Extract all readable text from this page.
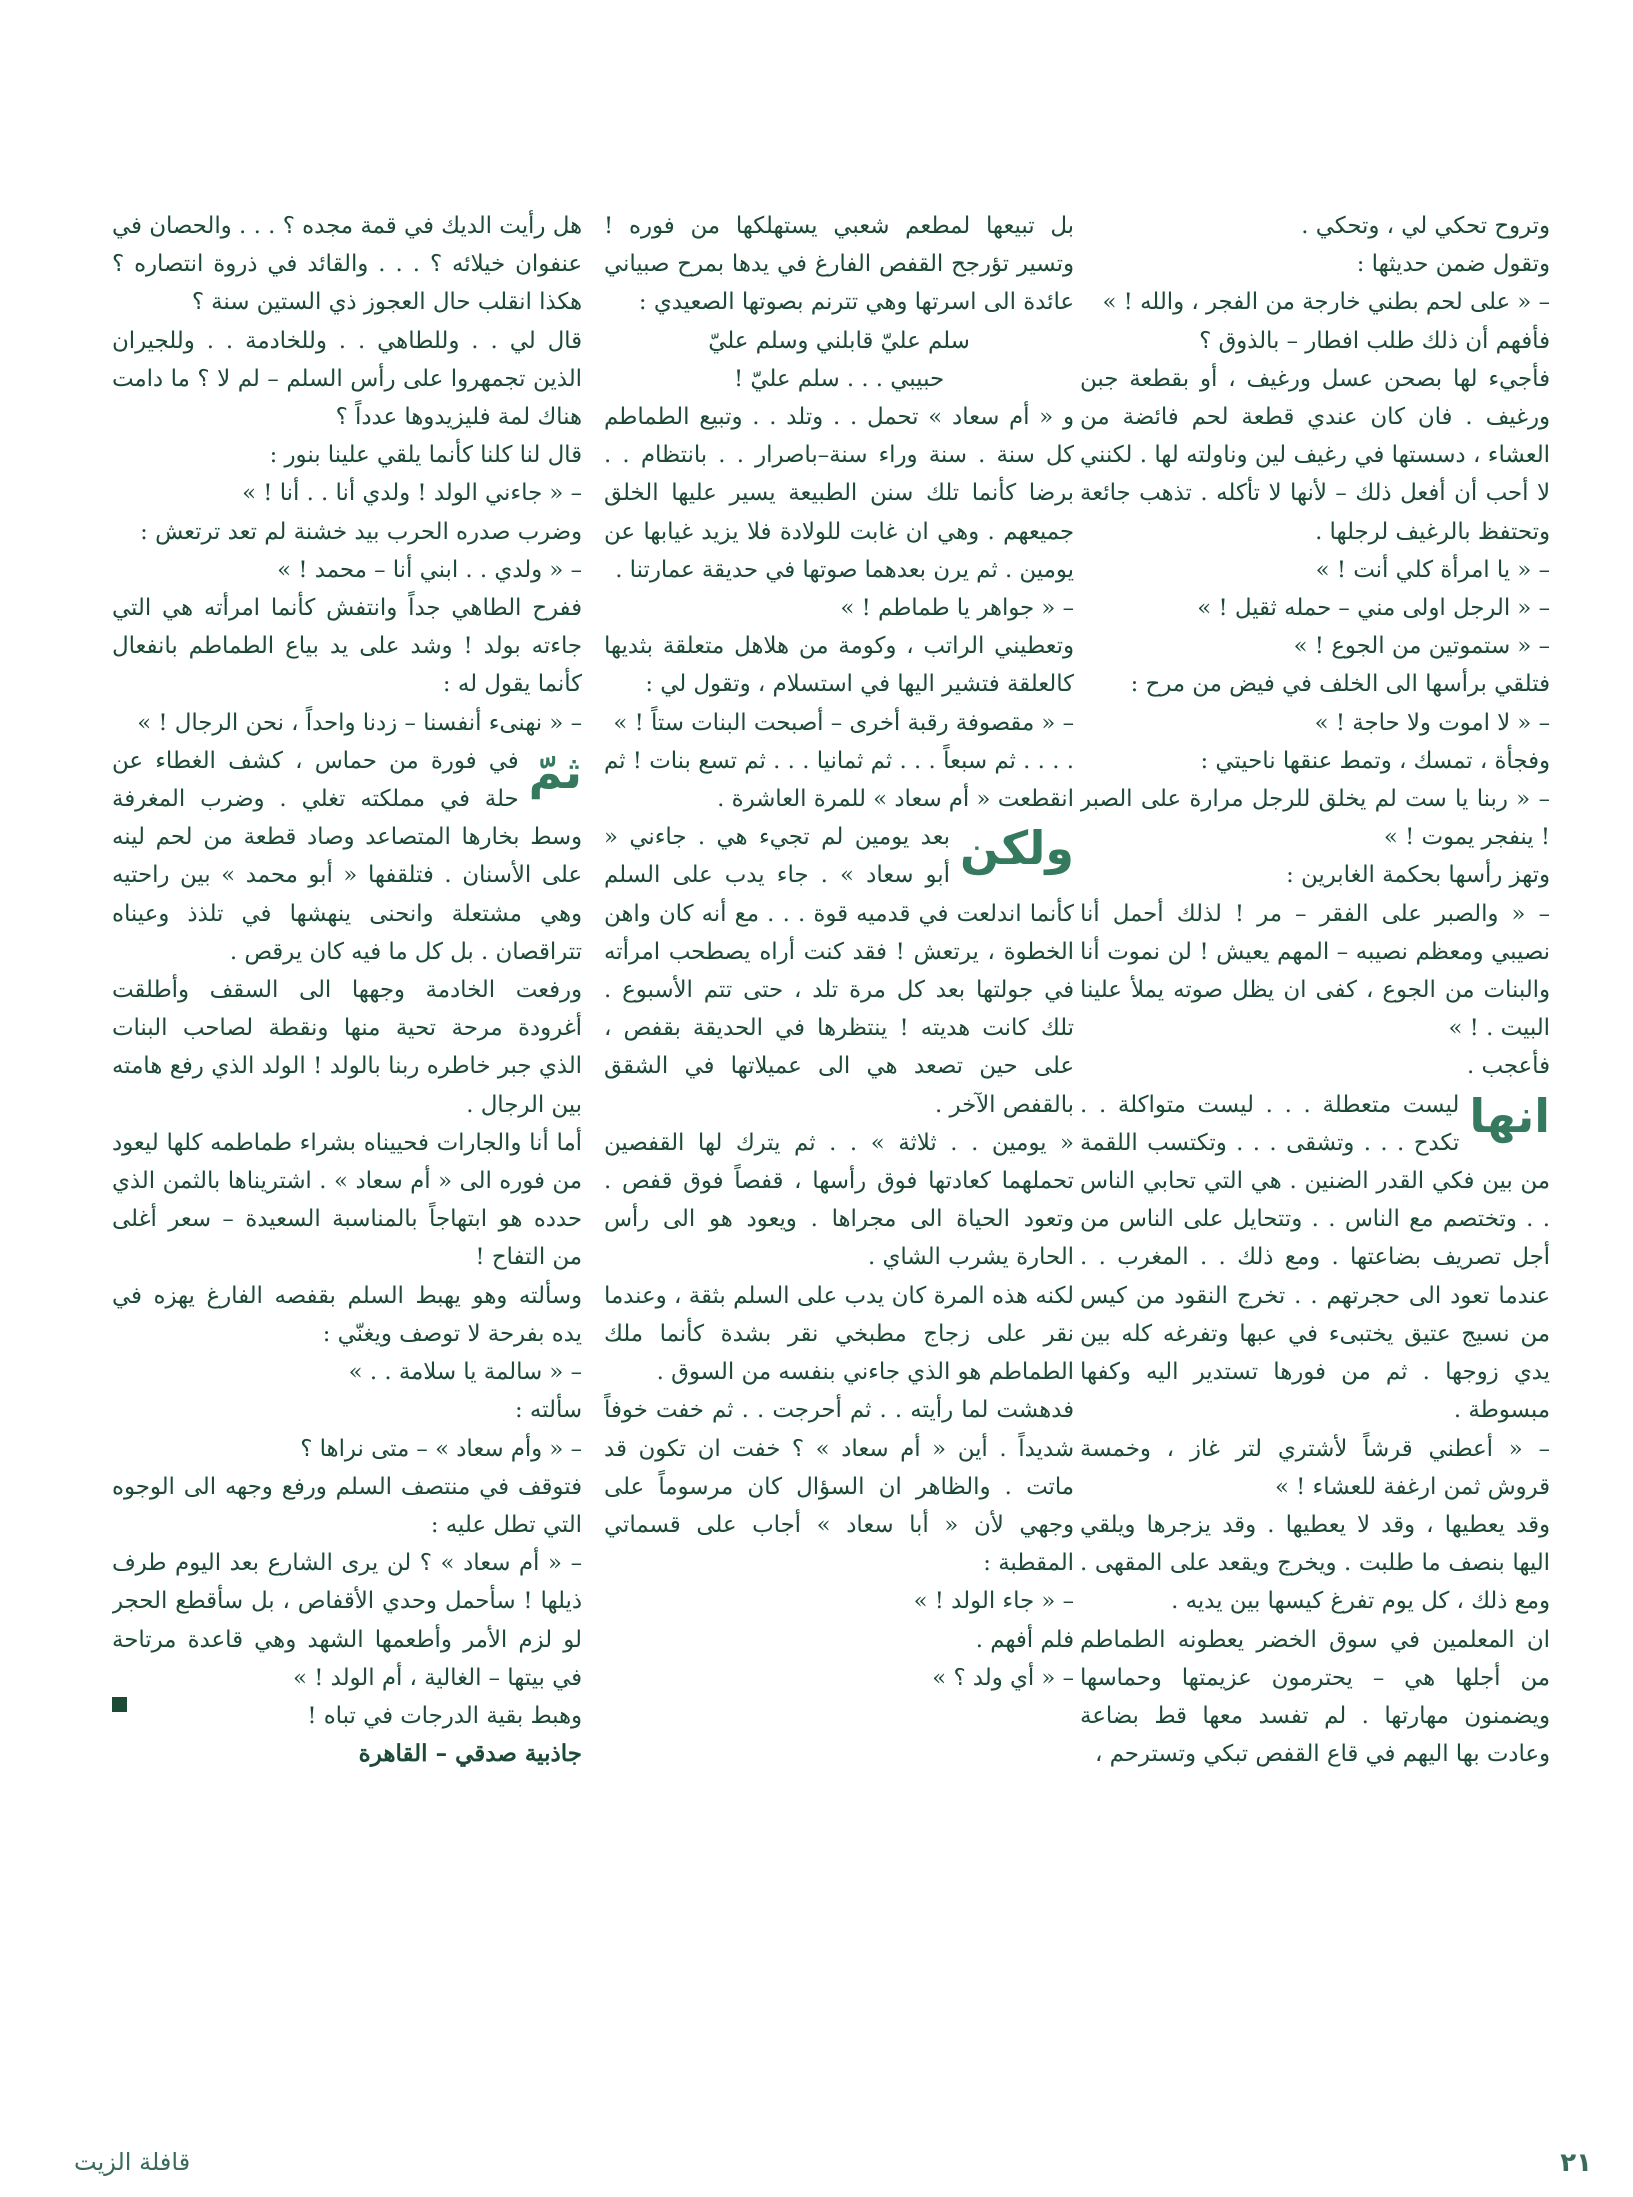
وتروح تحكي لي ، وتحكي .

وتقول ضمن حديثها :

– « على لحم بطني خارجة من الفجر ، والله ! »

فأفهم أن ذلك طلب افطار – بالذوق ؟

فأجيء لها بصحن عسل ورغيف ، أو بقطعة جبن ورغيف . فان كان عندي قطعة لحم فائضة من العشاء ، دسستها في رغيف لين وناولته لها . لكنني لا أحب أن أفعل ذلك – لأنها لا تأكله . تذهب جائعة وتحتفظ بالرغيف لرجلها .

– « يا امرأة كلي أنت ! »

– « الرجل اولى مني – حمله ثقيل ! »

– « ستموتين من الجوع ! »

فتلقي برأسها الى الخلف في فيض من مرح :

– « لا اموت ولا حاجة ! »

وفجأة ، تمسك ، وتمط عنقها ناحيتي :

– « ربنا يا ست لم يخلق للرجل مرارة على الصبر ! ينفجر يموت ! »

وتهز رأسها بحكمة الغابرين :

– « والصبر على الفقر – مر ! لذلك أحمل أنا نصيبي ومعظم نصيبه – المهم يعيش ! لن نموت أنا والبنات من الجوع ، كفى ان يظل صوته يملأ علينا البيت . ! »

فأعجب .

انها

ليست متعطلة . . . ليست متواكلة . . تكدح . . . وتشقى . . . وتكتسب اللقمة من بين فكي القدر الضنين . هي التي تحابي الناس . . وتختصم مع الناس . . وتتحايل على الناس من أجل تصريف بضاعتها . ومع ذلك . . المغرب . . عندما تعود الى حجرتهم . . تخرج النقود من كيس من نسيج عتيق يختبىء في عبها وتفرغه كله بين يدي زوجها . ثم من فورها تستدير اليه وكفها مبسوطة .

– « أعطني قرشاً لأشتري لتر غاز ، وخمسة قروش ثمن ارغفة للعشاء ! »

وقد يعطيها ، وقد لا يعطيها . وقد يزجرها ويلقي اليها بنصف ما طلبت . ويخرج ويقعد على المقهى . ومع ذلك ، كل يوم تفرغ كيسها بين يديه .

ان المعلمين في سوق الخضر يعطونه الطماطم من أجلها هي – يحترمون عزيمتها وحماسها ويضمنون مهارتها . لم تفسد معها قط بضاعة وعادت بها اليهم في قاع القفص تبكي وتسترحم ،

بل تبيعها لمطعم شعبي يستهلكها من فوره ! وتسير تؤرجح القفص الفارغ في يدها بمرح صبياني عائدة الى اسرتها وهي تترنم بصوتها الصعيدي :

سلم عليّ قابلني وسلم عليّ

حبيبي . . . سلم عليّ !

و « أم سعاد » تحمل . . وتلد . . وتبيع الطماطم كل سنة . سنة وراء سنة–باصرار . . بانتظام . . برضا كأنما تلك سنن الطبيعة يسير عليها الخلق جميعهم . وهي ان غابت للولادة فلا يزيد غيابها عن يومين . ثم يرن بعدهما صوتها في حديقة عمارتنا .

– « جواهر يا طماطم ! »

وتعطيني الراتب ، وكومة من هلاهل متعلقة بثديها كالعلقة فتشير اليها في استسلام ، وتقول لي :

– « مقصوفة رقبة أخرى – أصبحت البنات ستاً ! »

. . . . ثم سبعاً . . . ثم ثمانيا . . . ثم تسع بنات ! ثم انقطعت « أم سعاد » للمرة العاشرة .

ولكن

بعد يومين لم تجيء هي . جاءني « أبو سعاد » . جاء يدب على السلم كأنما اندلعت في قدميه قوة . . . مع أنه كان واهن الخطوة ، يرتعش ! فقد كنت أراه يصطحب امرأته في جولتها بعد كل مرة تلد ، حتى تتم الأسبوع . تلك كانت هديته ! ينتظرها في الحديقة بقفص ، على حين تصعد هي الى عميلاتها في الشقق بالقفص الآخر .

« يومين . . ثلاثة » . . ثم يترك لها القفصين تحملهما كعادتها فوق رأسها ، قفصاً فوق قفص . وتعود الحياة الى مجراها . ويعود هو الى رأس الحارة يشرب الشاي .

لكنه هذه المرة كان يدب على السلم بثقة ، وعندما نقر على زجاج مطبخي نقر بشدة كأنما ملك الطماطم هو الذي جاءني بنفسه من السوق .

فدهشت لما رأيته . . ثم أحرجت . . ثم خفت خوفاً شديداً . أين « أم سعاد » ؟ خفت ان تكون قد ماتت . والظاهر ان السؤال كان مرسوماً على وجهي لأن « أبا سعاد » أجاب على قسماتي المقطبة :

– « جاء الولد ! »

فلم أفهم .

– « أي ولد ؟ »

هل رأيت الديك في قمة مجده ؟ . . . والحصان في عنفوان خيلائه ؟ . . . والقائد في ذروة انتصاره ؟ هكذا انقلب حال العجوز ذي الستين سنة ؟

قال لي . . وللطاهي . . وللخادمة . . وللجيران الذين تجمهروا على رأس السلم – لم لا ؟ ما دامت هناك لمة فليزيدوها عدداً ؟

قال لنا كلنا كأنما يلقي علينا بنور :

– « جاءني الولد ! ولدي أنا . . أنا ! »

وضرب صدره الحرب بيد خشنة لم تعد ترتعش :

– « ولدي . . ابني أنا – محمد ! »

ففرح الطاهي جداً وانتفش كأنما امرأته هي التي جاءته بولد ! وشد على يد بياع الطماطم بانفعال كأنما يقول له :

– « نهنىء أنفسنا – زدنا واحداً ، نحن الرجال ! »

ثمّ

في فورة من حماس ، كشف الغطاء عن حلة في مملكته تغلي . وضرب المغرفة وسط بخارها المتصاعد وصاد قطعة من لحم لينه على الأسنان . فتلقفها « أبو محمد » بين راحتيه وهي مشتعلة وانحنى ينهشها في تلذذ وعيناه تتراقصان . بل كل ما فيه كان يرقص .

ورفعت الخادمة وجهها الى السقف وأطلقت أغرودة مرحة تحية منها ونقطة لصاحب البنات الذي جبر خاطره ربنا بالولد ! الولد الذي رفع هامته بين الرجال .

أما أنا والجارات فحييناه بشراء طماطمه كلها ليعود من فوره الى « أم سعاد » . اشتريناها بالثمن الذي حدده هو ابتهاجاً بالمناسبة السعيدة – سعر أغلى من التفاح !

وسألته وهو يهبط السلم بقفصه الفارغ يهزه في يده بفرحة لا توصف ويغنّي :

– « سالمة يا سلامة . . »

سألته :

– « وأم سعاد » – متى نراها ؟

فتوقف في منتصف السلم ورفع وجهه الى الوجوه التي تطل عليه :

– « أم سعاد » ؟ لن يرى الشارع بعد اليوم طرف ذيلها ! سأحمل وحدي الأقفاص ، بل سأقطع الحجر لو لزم الأمر وأطعمها الشهد وهي قاعدة مرتاحة في بيتها – الغالية ، أم الولد ! »

وهبط بقية الدرجات في تباه !

جاذبية صدقي – القاهرة

٢١
قافلة الزيت
